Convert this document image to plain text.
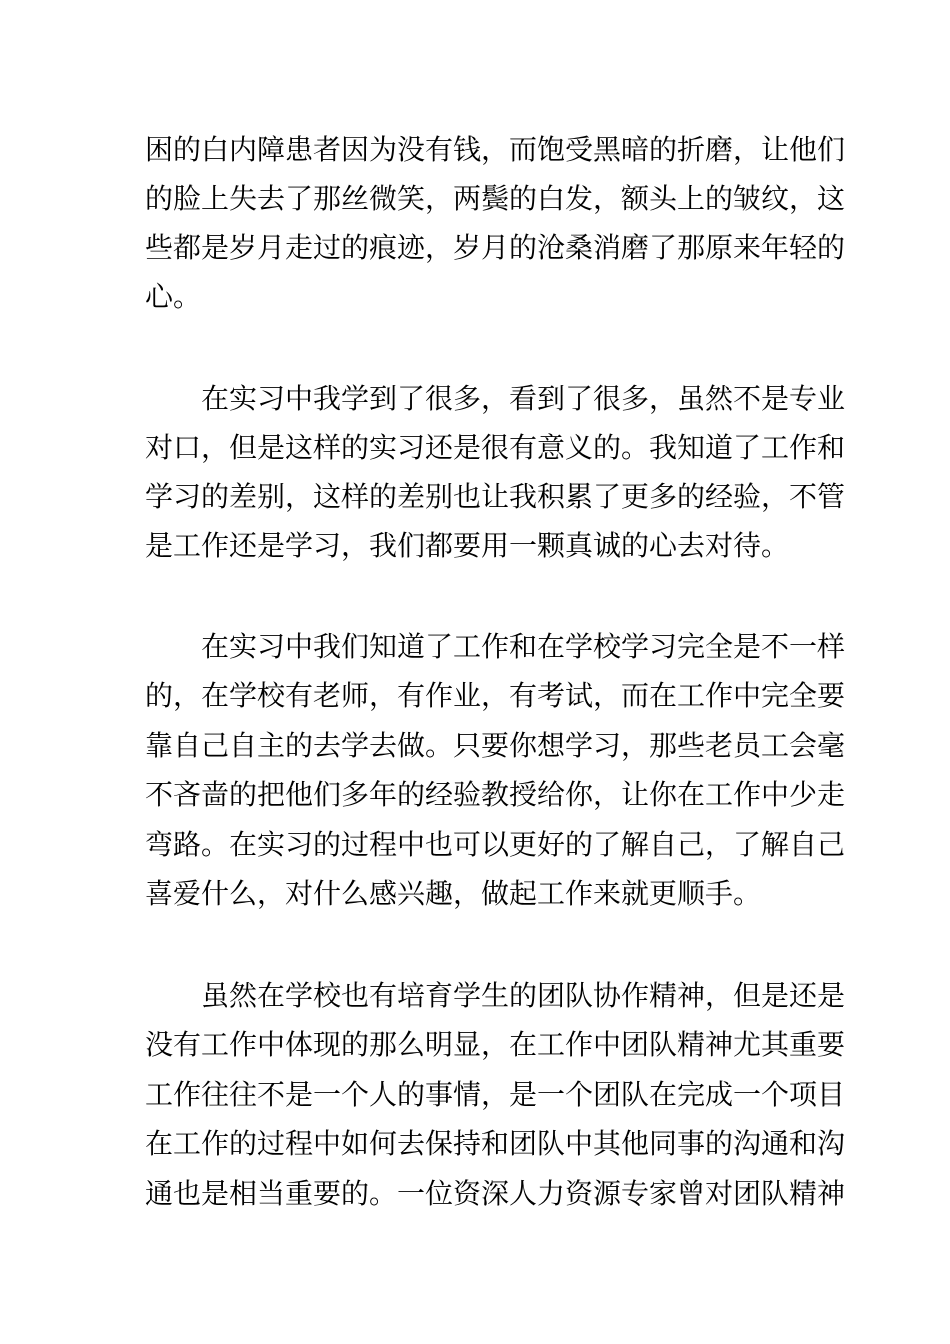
困的白内障患者因为没有钱，而饱受黑暗的折磨，让他们
的脸上失去了那丝微笑，两鬓的白发，额头上的皱纹，这
些都是岁月走过的痕迹，岁月的沧桑消磨了那原来年轻的
心。
在实习中我学到了很多，看到了很多，虽然不是专业
对口，但是这样的实习还是很有意义的。我知道了工作和
学习的差别，这样的差别也让我积累了更多的经验，不管
是工作还是学习，我们都要用一颗真诚的心去对待。
在实习中我们知道了工作和在学校学习完全是不一样
的，在学校有老师，有作业，有考试，而在工作中完全要
靠自己自主的去学去做。只要你想学习，那些老员工会毫
不吝啬的把他们多年的经验教授给你，让你在工作中少走
弯路。在实习的过程中也可以更好的了解自己，了解自己
喜爱什么，对什么感兴趣，做起工作来就更顺手。
虽然在学校也有培育学生的团队协作精神，但是还是
没有工作中体现的那么明显，在工作中团队精神尤其重要
工作往往不是一个人的事情，是一个团队在完成一个项目
在工作的过程中如何去保持和团队中其他同事的沟通和沟
通也是相当重要的。一位资深人力资源专家曾对团队精神
